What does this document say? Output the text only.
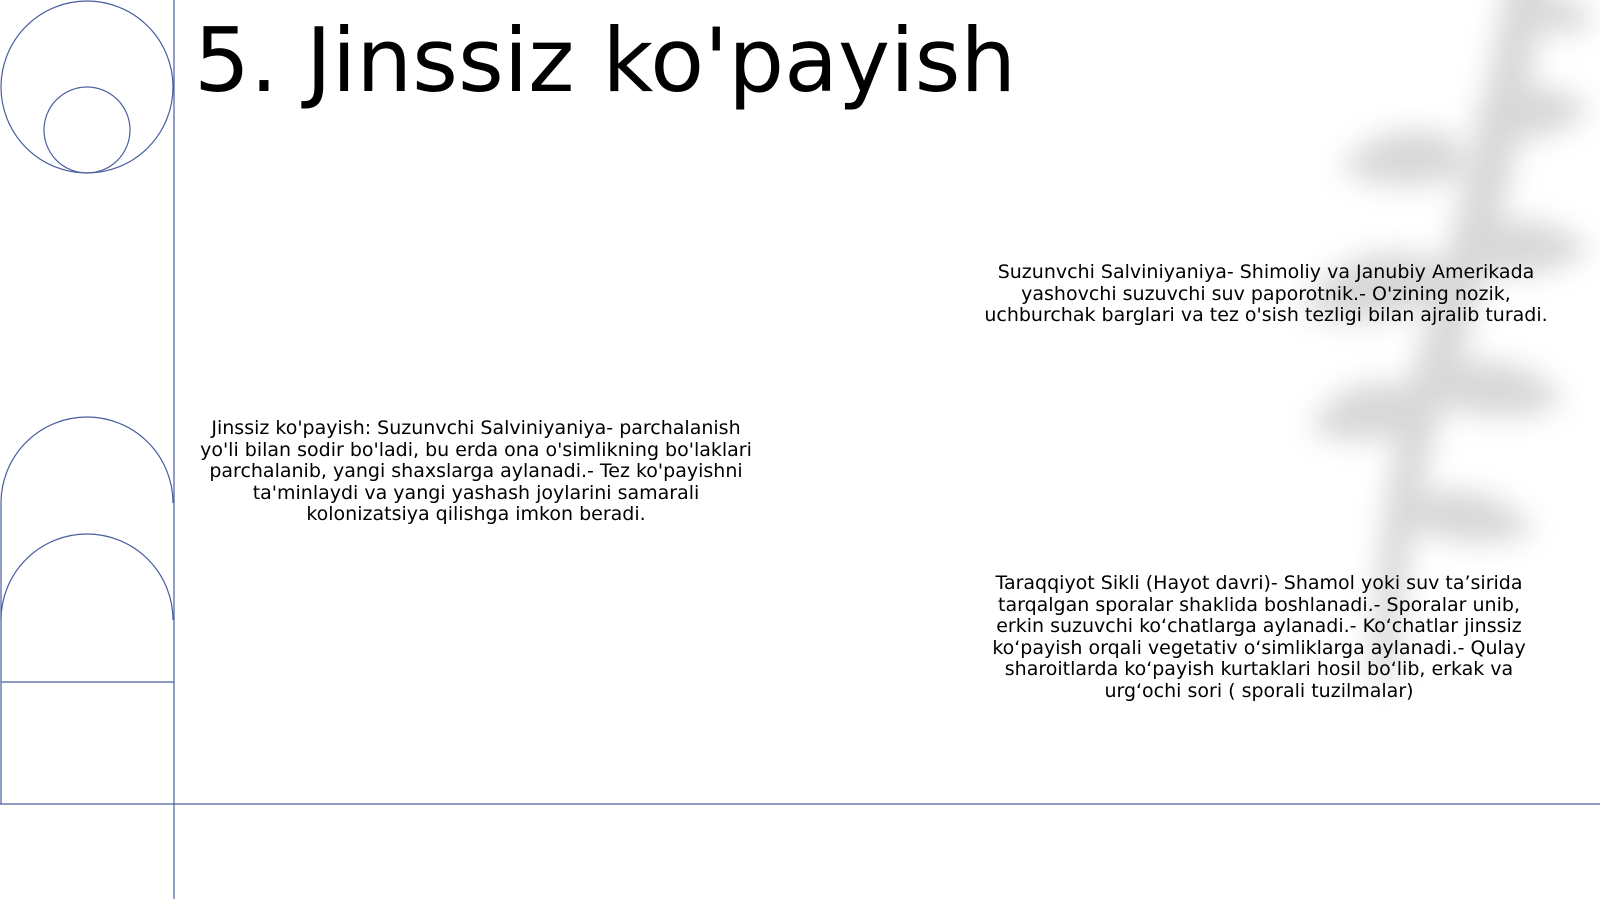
5. Jinssiz ko'payish
Jinssiz ko'payish: Suzunvchi Salviniyaniya- parchalanish yo'li bilan sodir bo'ladi, bu erda ona o'simlikning bo'laklari parchalanib, yangi shaxslarga aylanadi.- Tez ko'payishni ta'minlaydi va yangi yashash joylarini samarali kolonizatsiya qilishga imkon beradi.
Suzunvchi Salviniyaniya- Shimoliy va Janubiy Amerikada yashovchi suzuvchi suv paporotnik.- O'zining nozik, uchburchak barglari va tez o'sish tezligi bilan ajralib turadi.
Taraqqiyot Sikli (Hayot davri)- Shamol yoki suv ta’sirida tarqalgan sporalar shaklida boshlanadi.- Sporalar unib, erkin suzuvchi ko‘chatlarga aylanadi.- Ko‘chatlar jinssiz ko‘payish orqali vegetativ o‘simliklarga aylanadi.- Qulay sharoitlarda ko‘payish kurtaklari hosil bo‘lib, erkak va urg‘ochi sori ( sporali tuzilmalar)
